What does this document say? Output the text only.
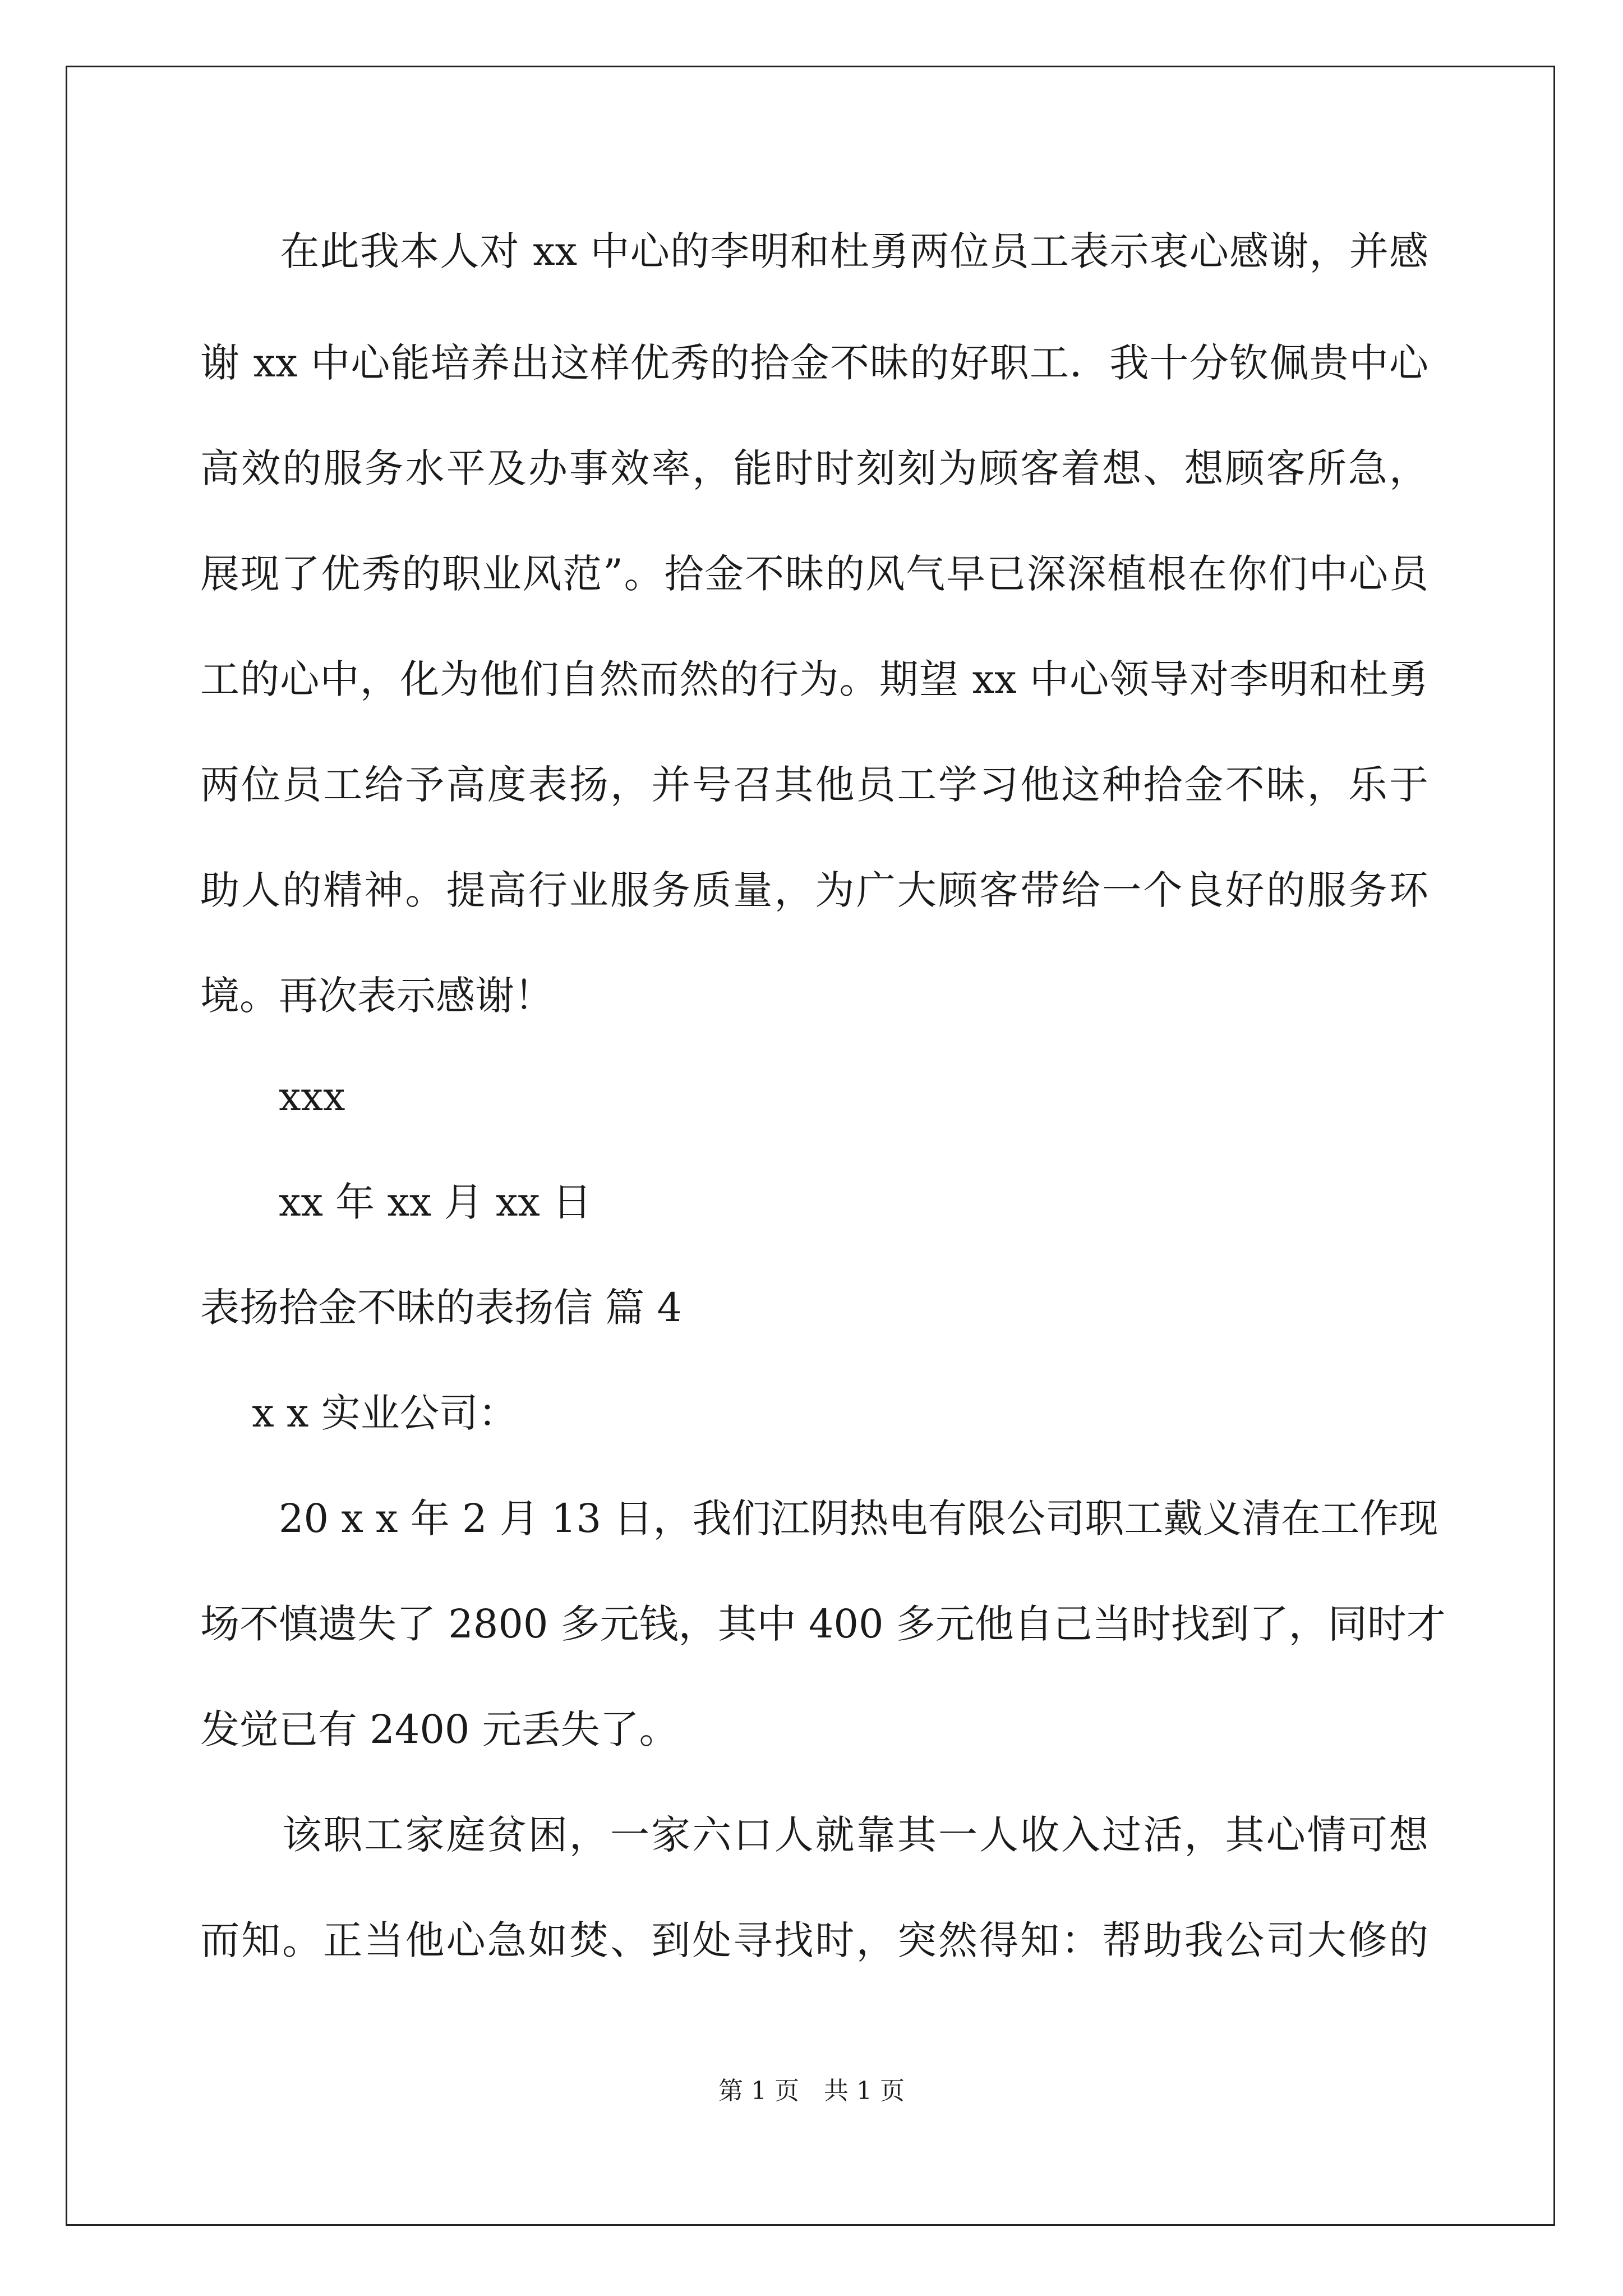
　　在此我本人对 xx 中心的李明和杜勇两位员工表示衷心感谢，并感
谢 xx 中心能培养出这样优秀的拾金不昧的好职工．我十分钦佩贵中心
高效的服务水平及办事效率，能时时刻刻为顾客着想、想顾客所急，
展现了优秀的职业风范”。拾金不昧的风气早已深深植根在你们中心员
工的心中，化为他们自然而然的行为。期望 xx 中心领导对李明和杜勇
两位员工给予高度表扬，并号召其他员工学习他这种拾金不昧，乐于
助人的精神。提高行业服务质量，为广大顾客带给一个良好的服务环
境。再次表示感谢！
　　xxx
　　xx 年 xx 月 xx 日
表扬拾金不昧的表扬信 篇 4
　 x x 实业公司：
　　20 x x 年 2 月 13 日，我们江阴热电有限公司职工戴义清在工作现
场不慎遗失了 2800 多元钱，其中 400 多元他自己当时找到了，同时才
发觉已有 2400 元丢失了。
　　该职工家庭贫困，一家六口人就靠其一人收入过活，其心情可想
而知。正当他心急如焚、到处寻找时，突然得知：帮助我公司大修的
第 1 页　共 1 页
